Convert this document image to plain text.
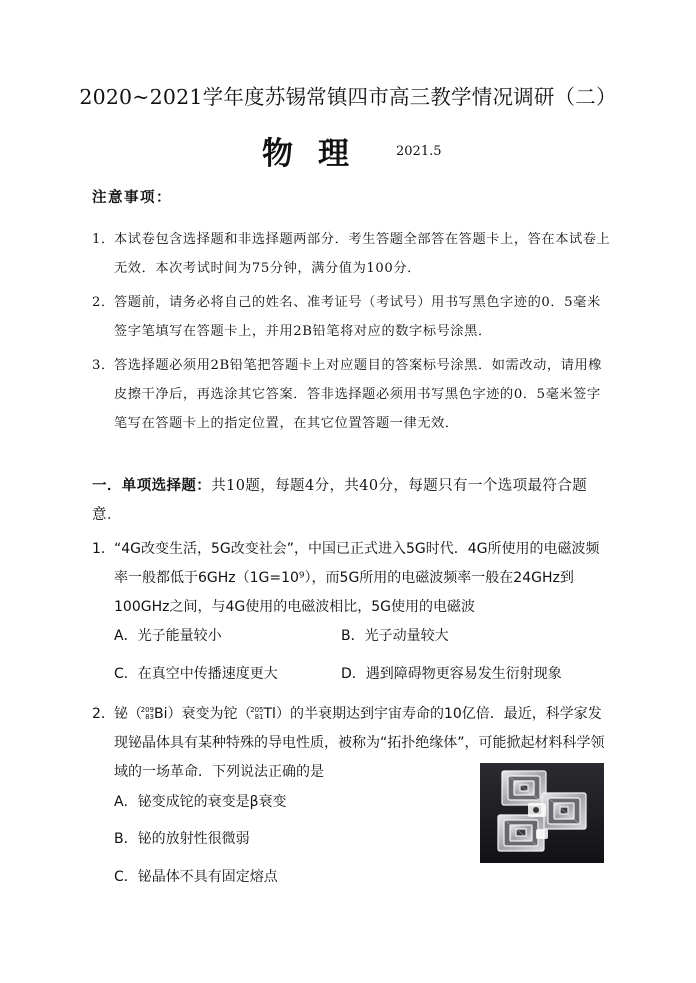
2020~2021学年度苏锡常镇四市高三教学情况调研（二）
物理 2021.5
注意事项：
1． 本试卷包含选择题和非选择题两部分．考生答题全部答在答题卡上，答在本试卷上无效．本次考试时间为75分钟，满分值为100分．
2． 答题前，请务必将自己的姓名、准考证号（考试号）用书写黑色字迹的0．5毫米签字笔填写在答题卡上，并用2B铅笔将对应的数字标号涂黑．
3． 答选择题必须用2B铅笔把答题卡上对应题目的答案标号涂黑．如需改动，请用橡皮擦干净后，再选涂其它答案．答非选择题必须用书写黑色字迹的0．5毫米签字笔写在答题卡上的指定位置，在其它位置答题一律无效．
一．单项选择题：共10题，每题4分，共40分，每题只有一个选项最符合题意．
1． “4G改变生活，5G改变社会”，中国已正式进入5G时代．4G所使用的电磁波频率一般都低于6GHz（1G=10⁹），而5G所用的电磁波频率一般在24GHz到100GHz之间，与4G使用的电磁波相比，5G使用的电磁波
A．光子能量较小	B．光子动量较大
C．在真空中传播速度更大	D．遇到障碍物更容易发生衍射现象
2． 铋（
209
83 Bi）衰变为铊（
205
81 Tl）的半衰期达到宇宙寿命的10亿倍．最近，科学家发现铋晶体具有某种特殊的导电性质，被称为“拓扑绝缘体”，可能掀起材料科学领域的一场革命．下列说法正确的是
A．铋变成铊的衰变是β衰变
B．铋的放射性很微弱
C．铋晶体不具有固定熔点
